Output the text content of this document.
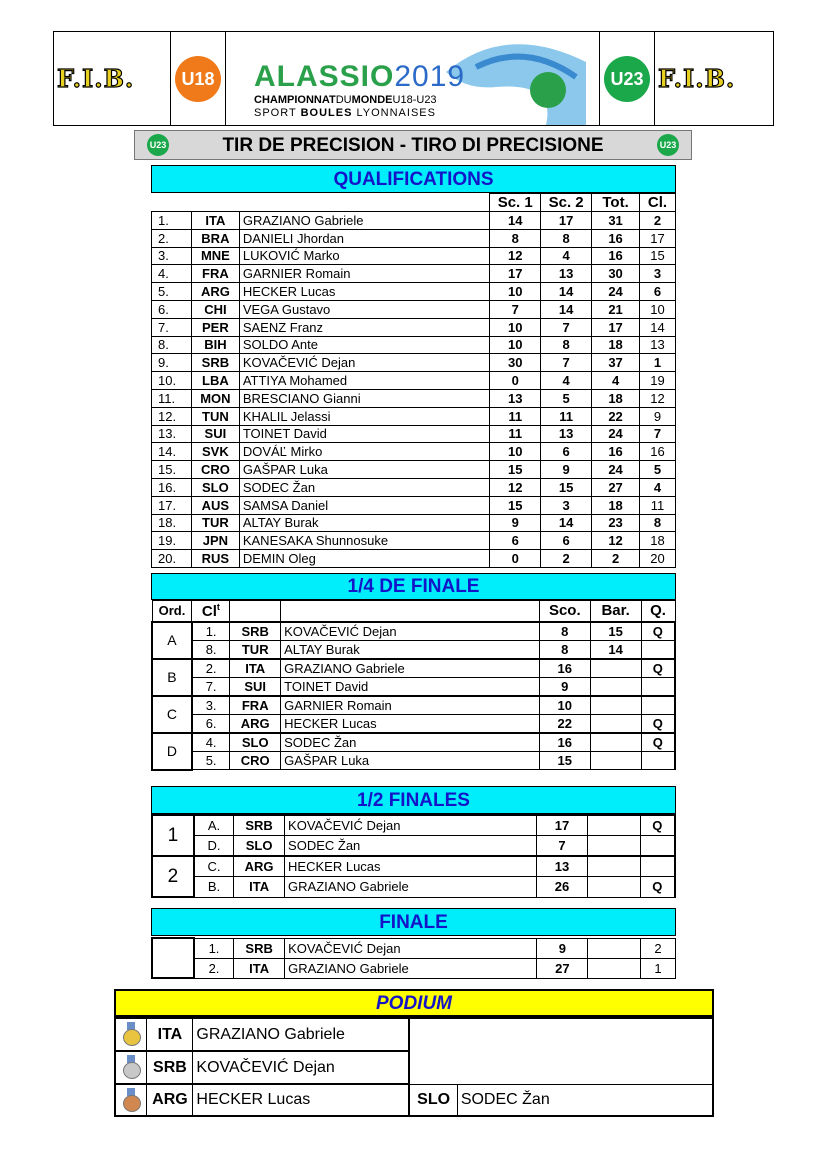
F.I.B.	U18 ALASSIO2019
CHAMPIONNATDUMONDEU18-U23
SPORT BOULES LYONNAISES
U23 F.I.B.
U23	TIR DE PRECISION - TIRO DI PRECISIONE	U23
QUALIFICATIONS
			Sc. 1	Sc. 2	Tot.	Cl.
1.	ITA	GRAZIANO Gabriele	14	17	31	2
2.	BRA	DANIELI Jhordan	8	8	16	17
3.	MNE	LUKOVIĆ Marko	12	4	16	15
4.	FRA	GARNIER Romain	17	13	30	3
5.	ARG	HECKER Lucas	10	14	24	6
6.	CHI	VEGA Gustavo	7	14	21	10
7.	PER	SAENZ Franz	10	7	17	14
8.	BIH	SOLDO Ante	10	8	18	13
9.	SRB	KOVAČEVIĆ Dejan	30	7	37	1
10.	LBA	ATTIYA Mohamed	0	4	4	19
11.	MON	BRESCIANO Gianni	13	5	18	12
12.	TUN	KHALIL Jelassi	11	11	22	9
13.	SUI	TOINET David	11	13	24	7
14.	SVK	DOVÁĽ Mirko	10	6	16	16
15.	CRO	GAŠPAR Luka	15	9	24	5
16.	SLO	SODEC Žan	12	15	27	4
17.	AUS	SAMSA Daniel	15	3	18	11
18.	TUR	ALTAY Burak	9	14	23	8
19.	JPN	KANESAKA Shunnosuke	6	6	12	18
20.	RUS	DEMIN Oleg	0	2	2	20
1/4 DE FINALE
Ord.	Cl$^t$			Sco.	Bar.	Q.
A	1.	SRB	KOVAČEVIĆ Dejan	8	15	Q
	8.	TUR	ALTAY Burak	8	14	
B	2.	ITA	GRAZIANO Gabriele	16		Q
	7.	SUI	TOINET David	9		
C	3.	FRA	GARNIER Romain	10		
	6.	ARG	HECKER Lucas	22		Q
D	4.	SLO	SODEC Žan	16		Q
	5.	CRO	GAŠPAR Luka	15		
1/2 FINALES
1	A.	SRB	KOVAČEVIĆ Dejan	17		Q
	D.	SLO	SODEC Žan	7		
2	C.	ARG	HECKER Lucas	13		
	B.	ITA	GRAZIANO Gabriele	26		Q
FINALE
	1.	SRB	KOVAČEVIĆ Dejan	9		2
	2.	ITA	GRAZIANO Gabriele	27		1
PODIUM
	ITA	GRAZIANO Gabriele		
	SRB	KOVAČEVIĆ Dejan		
	ARG	HECKER Lucas	SLO	SODEC Žan
